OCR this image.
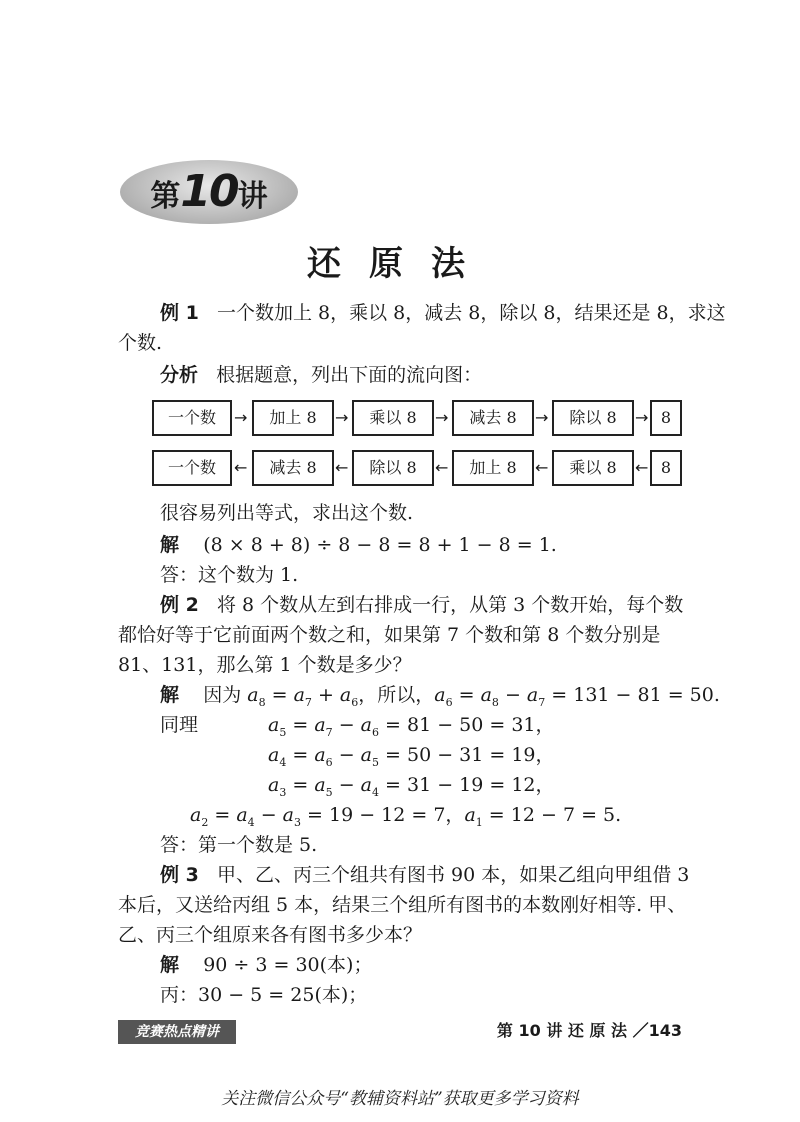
第10讲
还原法
例 1 一个数加上 8，乘以 8，减去 8，除以 8，结果还是 8，求这
个数.
分析 根据题意，列出下面的流向图：
一个数	→	加上 8	→	乘以 8	→	减去 8	→	除以 8	→ 8
一个数	←	减去 8	←	除以 8	←	加上 8	←	乘以 8	← 8
很容易列出等式，求出这个数.
解 (8 × 8 + 8) ÷ 8 − 8 = 8 + 1 − 8 = 1.
答：这个数为 1.
例 2 将 8 个数从左到右排成一行，从第 3 个数开始，每个数
都恰好等于它前面两个数之和，如果第 7 个数和第 8 个数分别是
81、131，那么第 1 个数是多少？
解 因为 $a_8 = a_7 + a_6$，所以，$a_6 = a_8 - a_7 = 131 - 81 = 50$.
同理	$a_5 = a_7 - a_6 = 81 - 50 = 31$，
$a_4 = a_6 - a_5 = 50 - 31 = 19$，
$a_3 = a_5 - a_4 = 31 - 19 = 12$，
$a_2 = a_4 - a_3 = 19 - 12 = 7$，$a_1 = 12 - 7 = 5$.
答：第一个数是 5.
例 3 甲、乙、丙三个组共有图书 90 本，如果乙组向甲组借 3
本后，又送给丙组 5 本，结果三个组所有图书的本数刚好相等. 甲、
乙、丙三个组原来各有图书多少本？
解 90 ÷ 3 = 30(本)；
丙：30 − 5 = 25(本)；
竞赛热点精讲	第 10 讲 还 原 法 ／143
关注微信公众号“教辅资料站”获取更多学习资料
